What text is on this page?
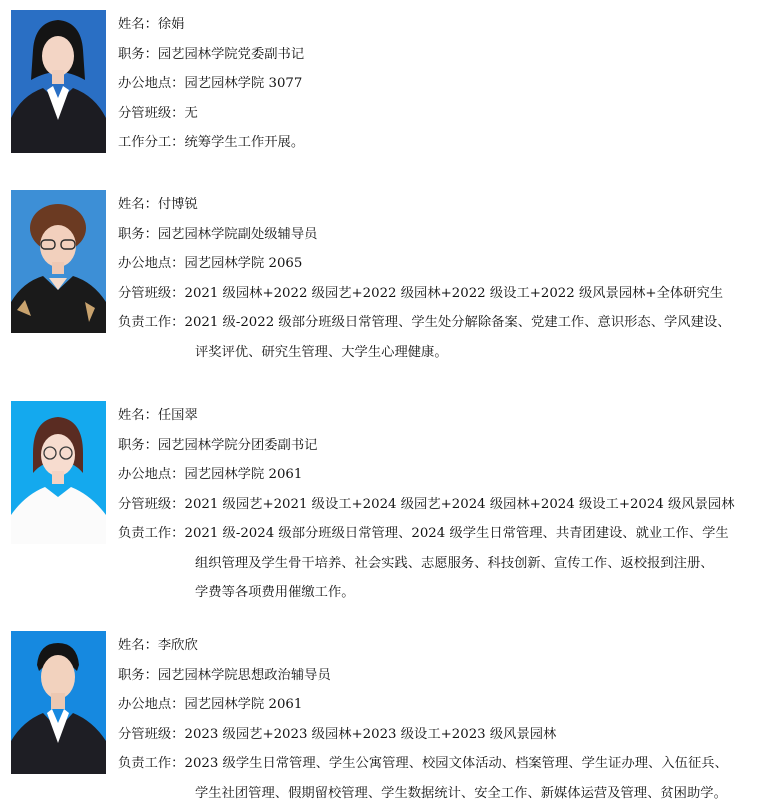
姓名： 徐娟
职务： 园艺园林学院党委副书记
办公地点： 园艺园林学院 3077
分管班级： 无
工作分工： 统筹学生工作开展。
姓名： 付博锐
职务： 园艺园林学院副处级辅导员
办公地点： 园艺园林学院 2065
分管班级： 2021 级园林+2022 级园艺+2022 级园林+2022 级设工+2022 级风景园林+全体研究生
负责工作： 2021 级-2022 级部分班级日常管理、学生处分解除备案、党建工作、意识形态、学风建设、
评奖评优、研究生管理、大学生心理健康。
姓名： 任国翠
职务： 园艺园林学院分团委副书记
办公地点： 园艺园林学院 2061
分管班级： 2021 级园艺+2021 级设工+2024 级园艺+2024 级园林+2024 级设工+2024 级风景园林
负责工作： 2021 级-2024 级部分班级日常管理、2024 级学生日常管理、共青团建设、就业工作、学生
组织管理及学生骨干培养、社会实践、志愿服务、科技创新、宣传工作、返校报到注册、
学费等各项费用催缴工作。
姓名： 李欣欣
职务： 园艺园林学院思想政治辅导员
办公地点： 园艺园林学院 2061
分管班级： 2023 级园艺+2023 级园林+2023 级设工+2023 级风景园林
负责工作： 2023 级学生日常管理、学生公寓管理、校园文体活动、档案管理、学生证办理、入伍征兵、
学生社团管理、假期留校管理、学生数据统计、安全工作、新媒体运营及管理、贫困助学。
